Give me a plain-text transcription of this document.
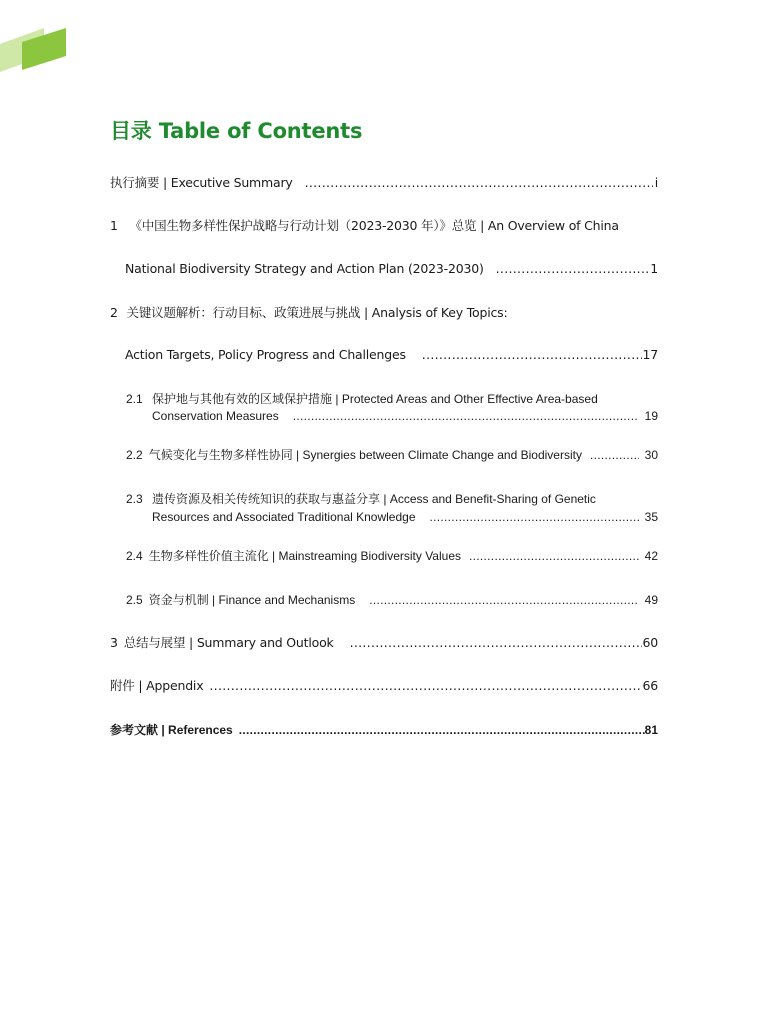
目录 Table of Contents
执行摘要 | Executive Summary .....	i
1 《中国生物多样性保护战略与行动计划（2023-2030 年）》总览 | An Overview of China
National Biodiversity Strategy and Action Plan (2023-2030) .....	1
2 关键议题解析：行动目标、政策进展与挑战 | Analysis of Key Topics:
Action Targets, Policy Progress and Challenges .....	17
2.1 保护地与其他有效的区域保护措施 | Protected Areas and Other Effective Area-based
Conservation Measures .....	19
2.2 气候变化与生物多样性协同 | Synergies between Climate Change and Biodiversity .....	30
2.3 遗传资源及相关传统知识的获取与惠益分享 | Access and Benefit-Sharing of Genetic
Resources and Associated Traditional Knowledge .....	35
2.4 生物多样性价值主流化 | Mainstreaming Biodiversity Values .....	42
2.5 资金与机制 | Finance and Mechanisms .....	49
3 总结与展望 | Summary and Outlook .....	60
附件 | Appendix .....	66
参考文献 | References .....	81
